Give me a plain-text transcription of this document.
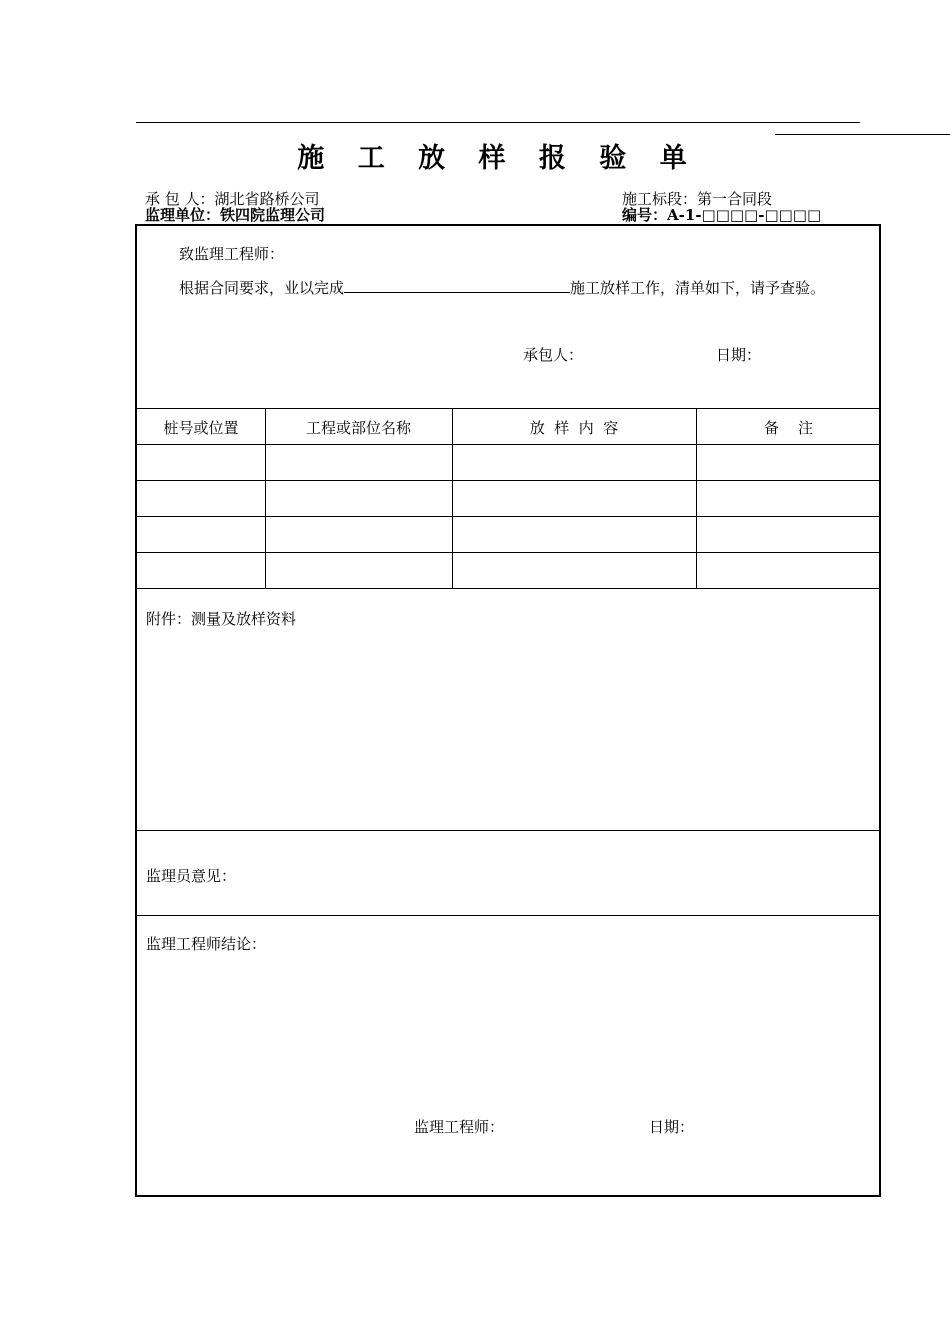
施 工 放 样 报 验 单
承 包 人：湖北省路桥公司	施工标段：第一合同段
监理单位：铁四院监理公司	编号：A-1-□□□□-□□□□
致监理工程师：
根据合同要求，业以完成	施工放样工作，清单如下，请予查验。
承包人：	日期：
桩号或位置	工程或部位名称	放  样  内  容	备    注
附件：测量及放样资料
监理员意见：
监理工程师结论：
监理工程师：	日期：
